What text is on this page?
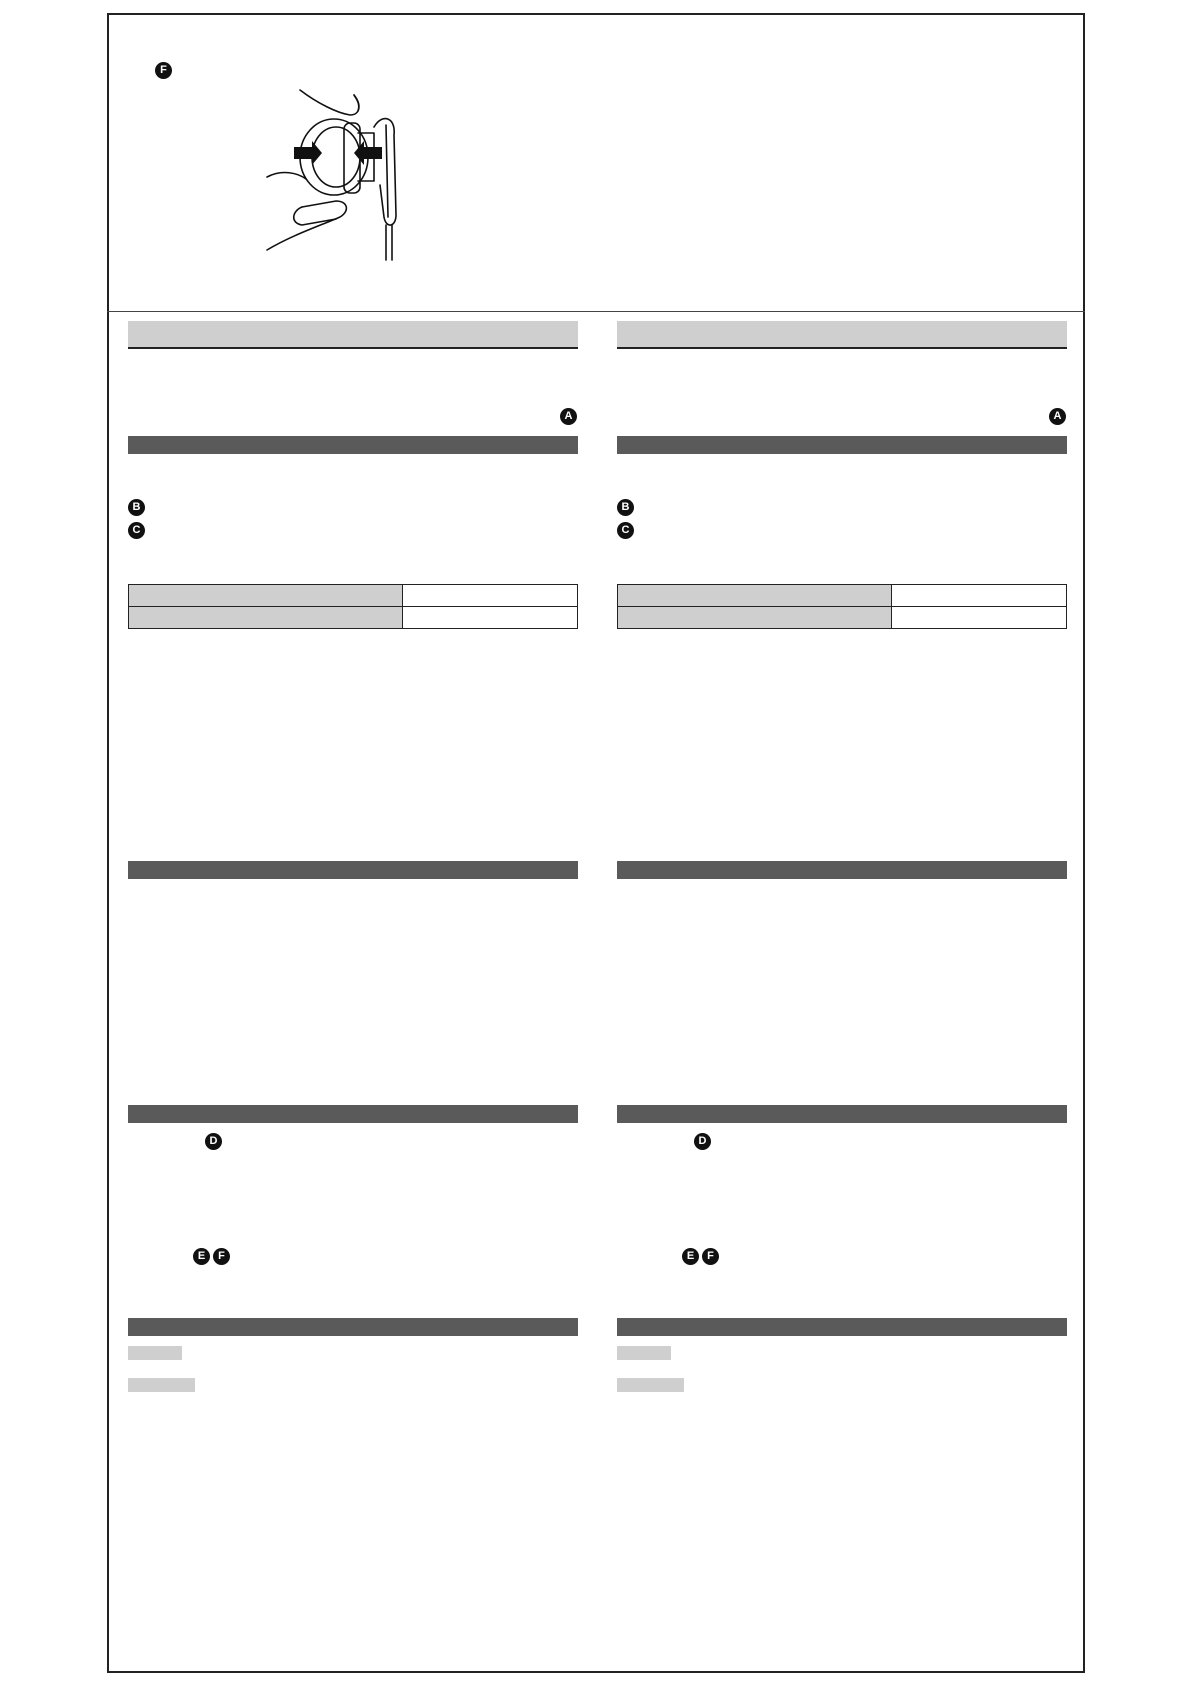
F
A
B
C

D
E	F
A
B
C

D
E	F
